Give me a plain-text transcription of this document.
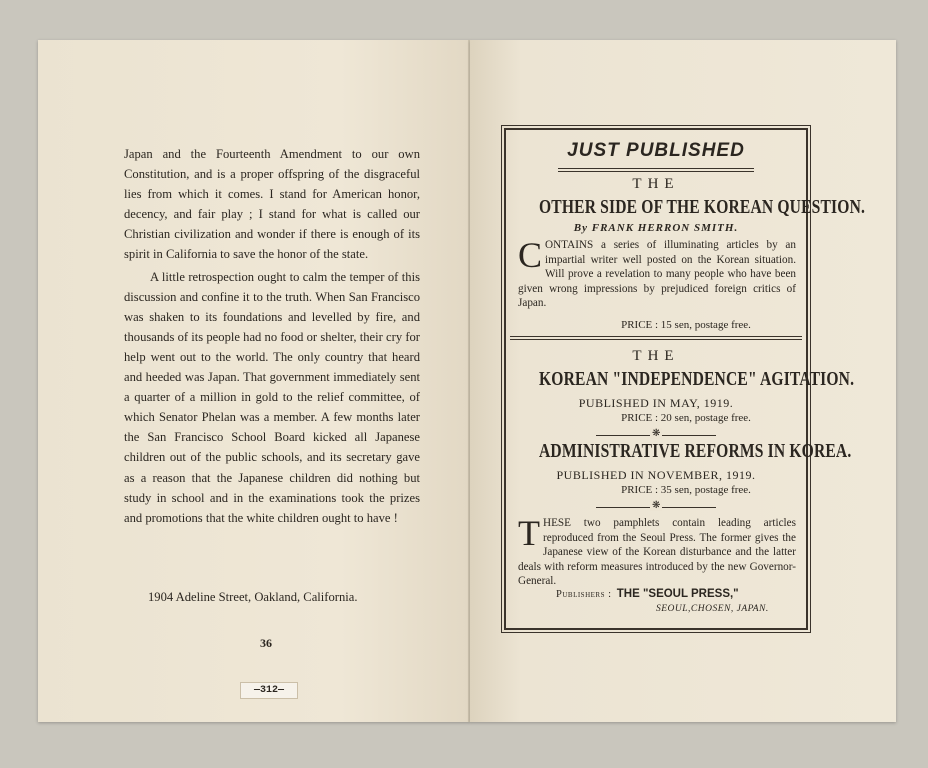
Japan and the Fourteenth Amendment to our own Constitution, and is a proper offspring of the disgraceful lies from which it comes. I stand for American honor, decency, and fair play ; I stand for what is called our Christian civilization and wonder if there is enough of its spirit in California to save the honor of the state.

A little retrospection ought to calm the temper of this discussion and confine it to the truth. When San Francisco was shaken to its foundations and levelled by fire, and thousands of its people had no food or shelter, their cry for help went out to the world. The only country that heard and heeded was Japan. That government immediately sent a quarter of a million in gold to the relief committee, of which Senator Phelan was a member. A few months later the San Francisco School Board kicked all Japanese children out of the public schools, and its secretary gave as a reason that the Japanese children did nothing but study in school and in the examinations took the prizes and promotions that the white children ought to have !

1904 Adeline Street, Oakland, California.
36
—312—
JUST PUBLISHED
THE
OTHER SIDE OF THE KOREAN QUESTION.
By FRANK HERRON SMITH.
CONTAINS a series of illuminating articles by an impartial writer well posted on the Korean situation. Will prove a revelation to many people who have been given wrong impressions by prejudiced foreign critics of Japan.
PRICE : 15 sen, postage free.
THE
KOREAN "INDEPENDENCE" AGITATION.
PUBLISHED IN MAY, 1919.
PRICE : 20 sen, postage free.
❋
ADMINISTRATIVE REFORMS IN KOREA.
PUBLISHED IN NOVEMBER, 1919.
PRICE : 35 sen, postage free.
❋
THESE two pamphlets contain leading articles reproduced from the Seoul Press. The former gives the Japanese view of the Korean disturbance and the latter deals with reform measures introduced by the new Governor-General.
Publishers : THE "SEOUL PRESS,"
SEOUL,CHOSEN, JAPAN.
